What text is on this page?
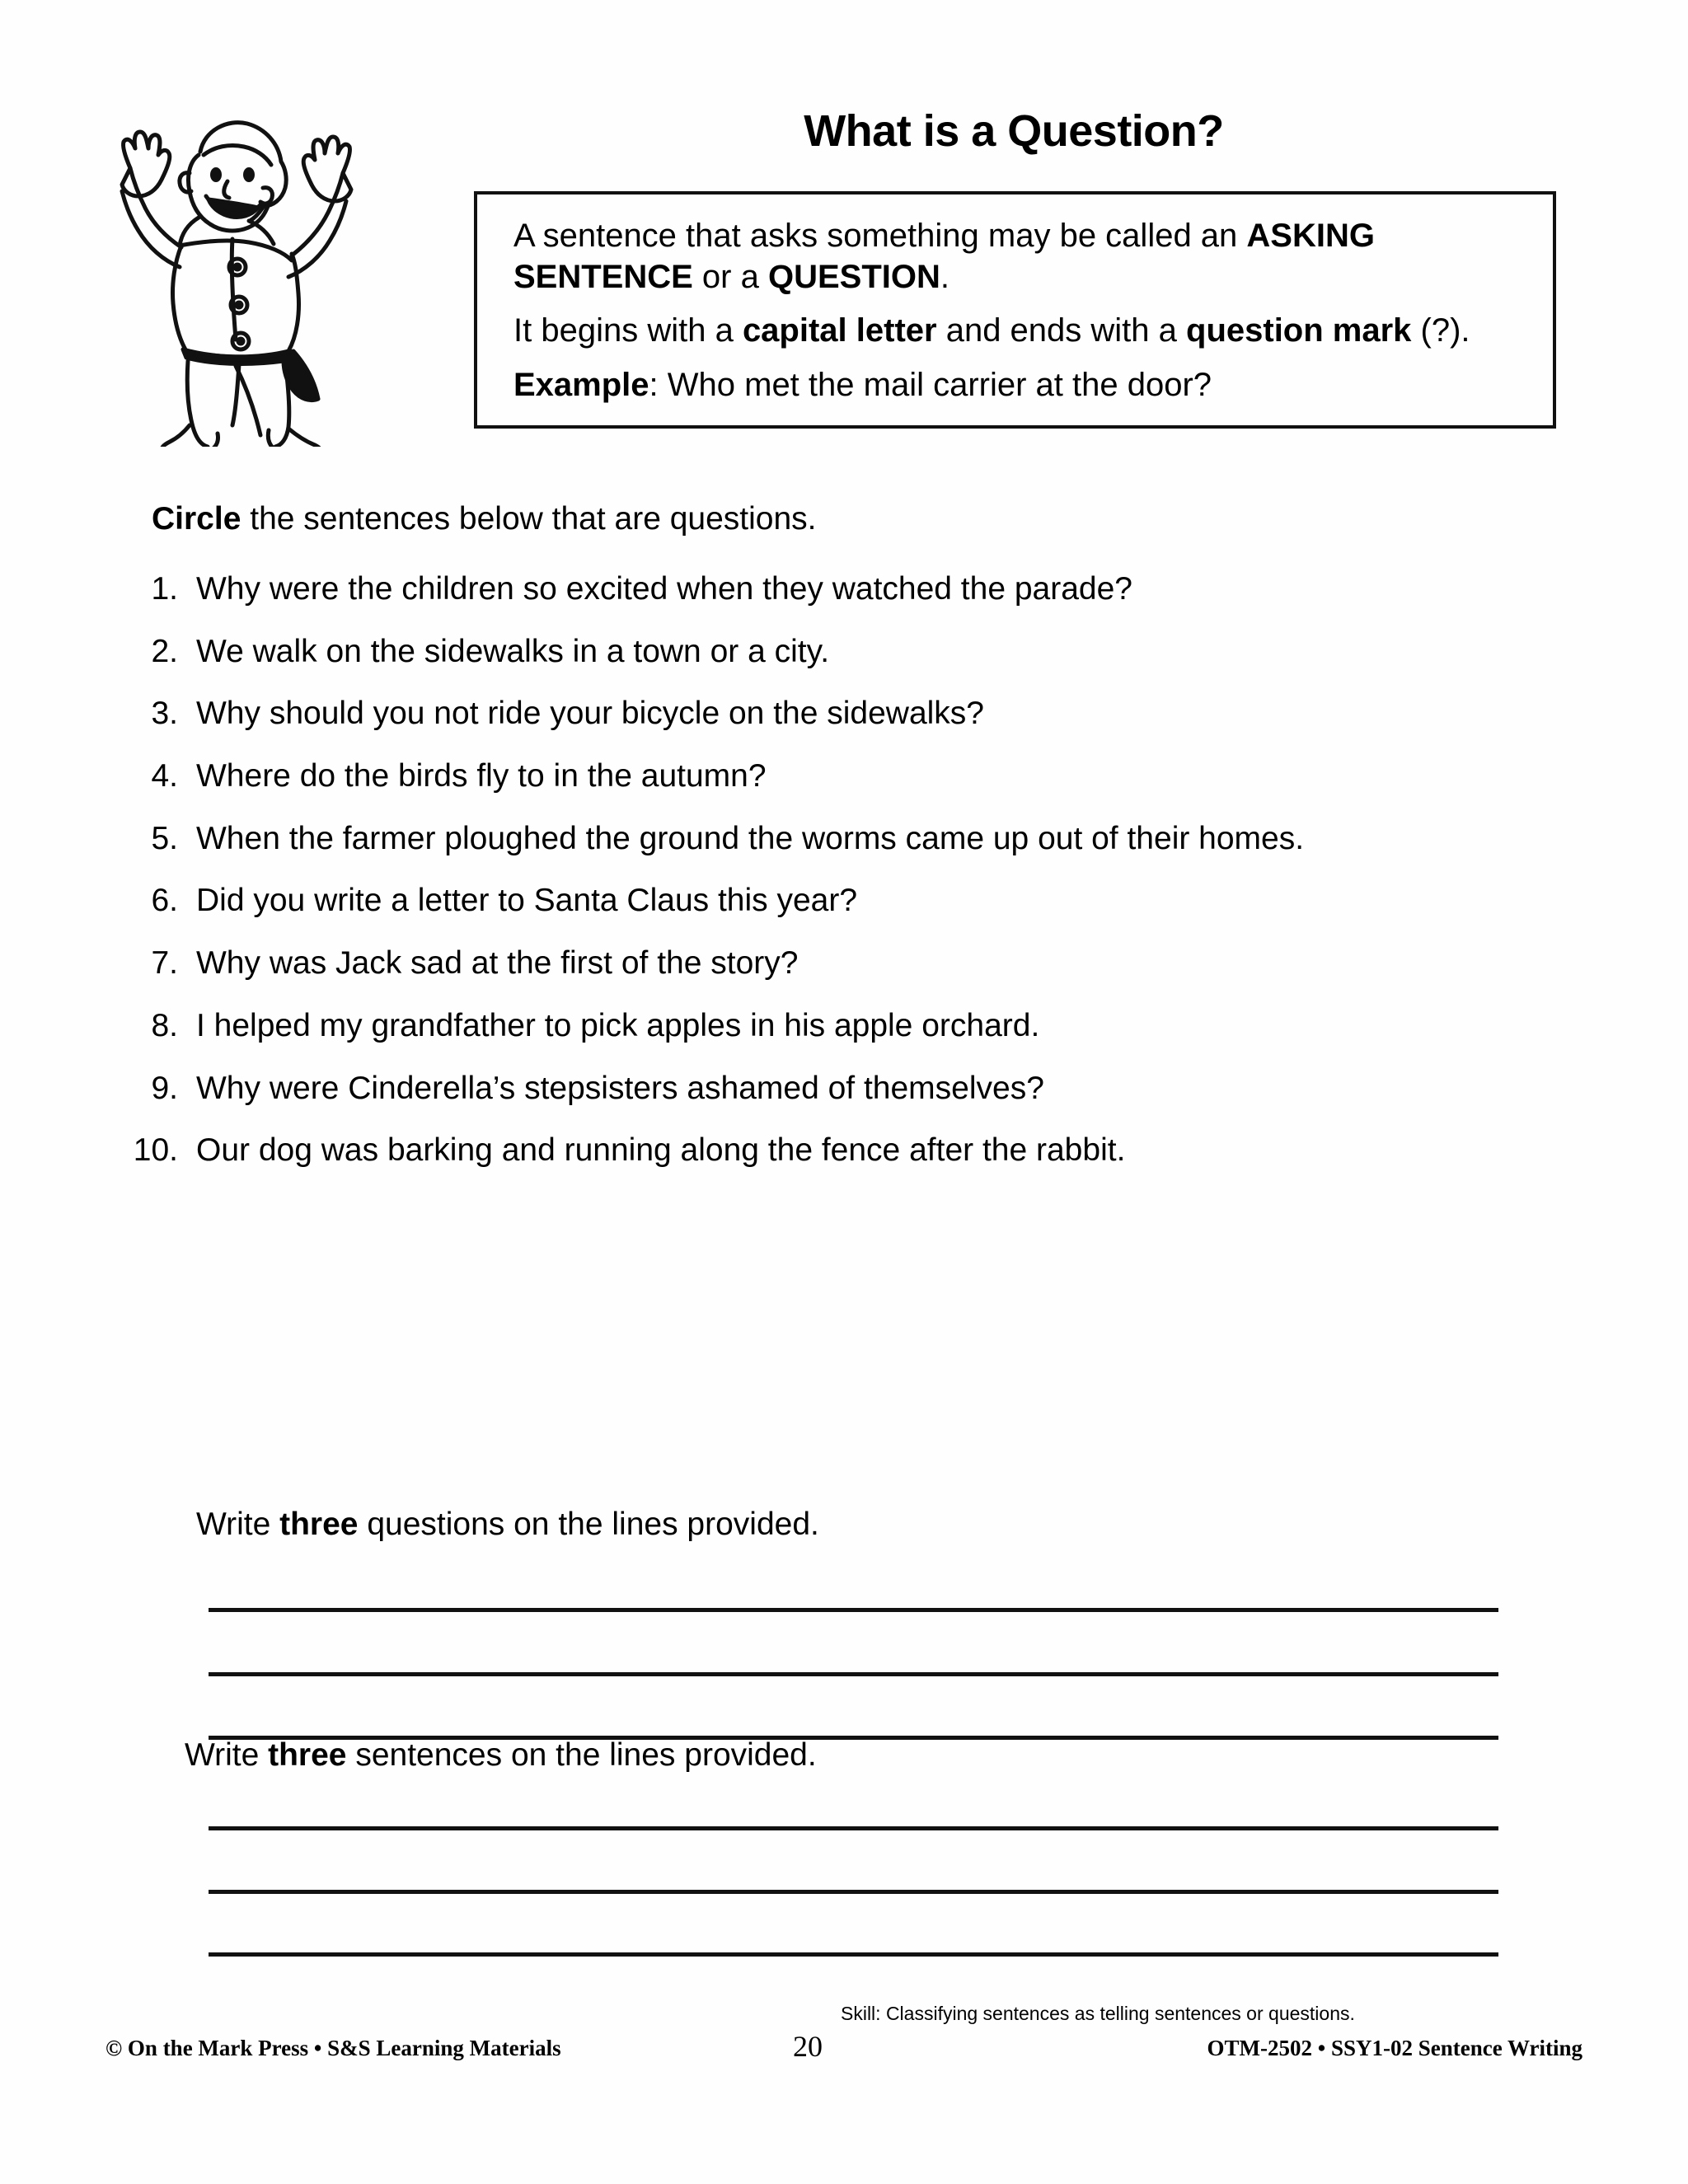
What is a Question?

A sentence that asks something may be called an ASKING SENTENCE or a QUESTION.

It begins with a capital letter and ends with a question mark (?).

Example: Who met the mail carrier at the door?

Circle the sentences below that are questions.
1. Why were the children so excited when they watched the parade?
2. We walk on the sidewalks in a town or a city.
3. Why should you not ride your bicycle on the sidewalks?
4. Where do the birds fly to in the autumn?
5. When the farmer ploughed the ground the worms came up out of their homes.
6. Did you write a letter to Santa Claus this year?
7. Why was Jack sad at the first of the story?
8. I helped my grandfather to pick apples in his apple orchard.
9. Why were Cinderella’s stepsisters ashamed of themselves?
10. Our dog was barking and running along the fence after the rabbit.
Write three questions on the lines provided.
Write three sentences on the lines provided.
Skill: Classifying sentences as telling sentences or questions.
© On the Mark Press • S&S Learning Materials	20	OTM-2502 • SSY1-02 Sentence Writing
